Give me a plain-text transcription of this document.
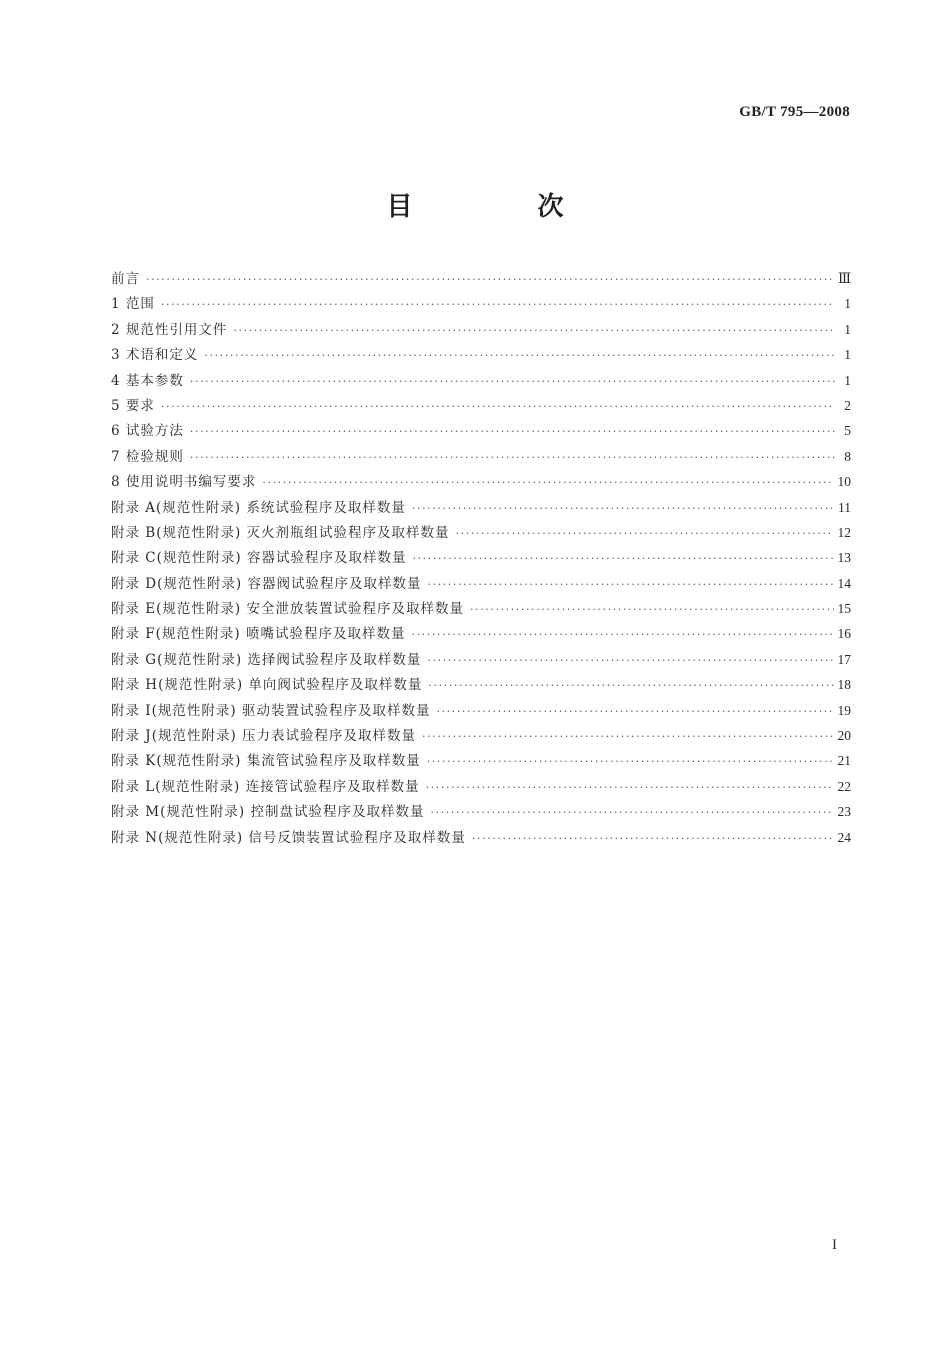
GB/T 795—2008
目 次
前言 ·····	Ⅲ
1 范围 ·····	1
2 规范性引用文件 ·····	1
3 术语和定义 ·····	1
4 基本参数 ·····	1
5 要求 ·····	2
6 试验方法 ·····	5
7 检验规则 ·····	8
8 使用说明书编写要求 ·····	10
附录 A(规范性附录) 系统试验程序及取样数量 ·····	11
附录 B(规范性附录) 灭火剂瓶组试验程序及取样数量 ·····	12
附录 C(规范性附录) 容器试验程序及取样数量 ·····	13
附录 D(规范性附录) 容器阀试验程序及取样数量 ·····	14
附录 E(规范性附录) 安全泄放装置试验程序及取样数量 ·····	15
附录 F(规范性附录) 喷嘴试验程序及取样数量 ·····	16
附录 G(规范性附录) 选择阀试验程序及取样数量 ·····	17
附录 H(规范性附录) 单向阀试验程序及取样数量 ·····	18
附录 I(规范性附录) 驱动装置试验程序及取样数量 ·····	19
附录 J(规范性附录) 压力表试验程序及取样数量 ·····	20
附录 K(规范性附录) 集流管试验程序及取样数量 ·····	21
附录 L(规范性附录) 连接管试验程序及取样数量 ·····	22
附录 M(规范性附录) 控制盘试验程序及取样数量 ·····	23
附录 N(规范性附录) 信号反馈装置试验程序及取样数量 ·····	24
I
